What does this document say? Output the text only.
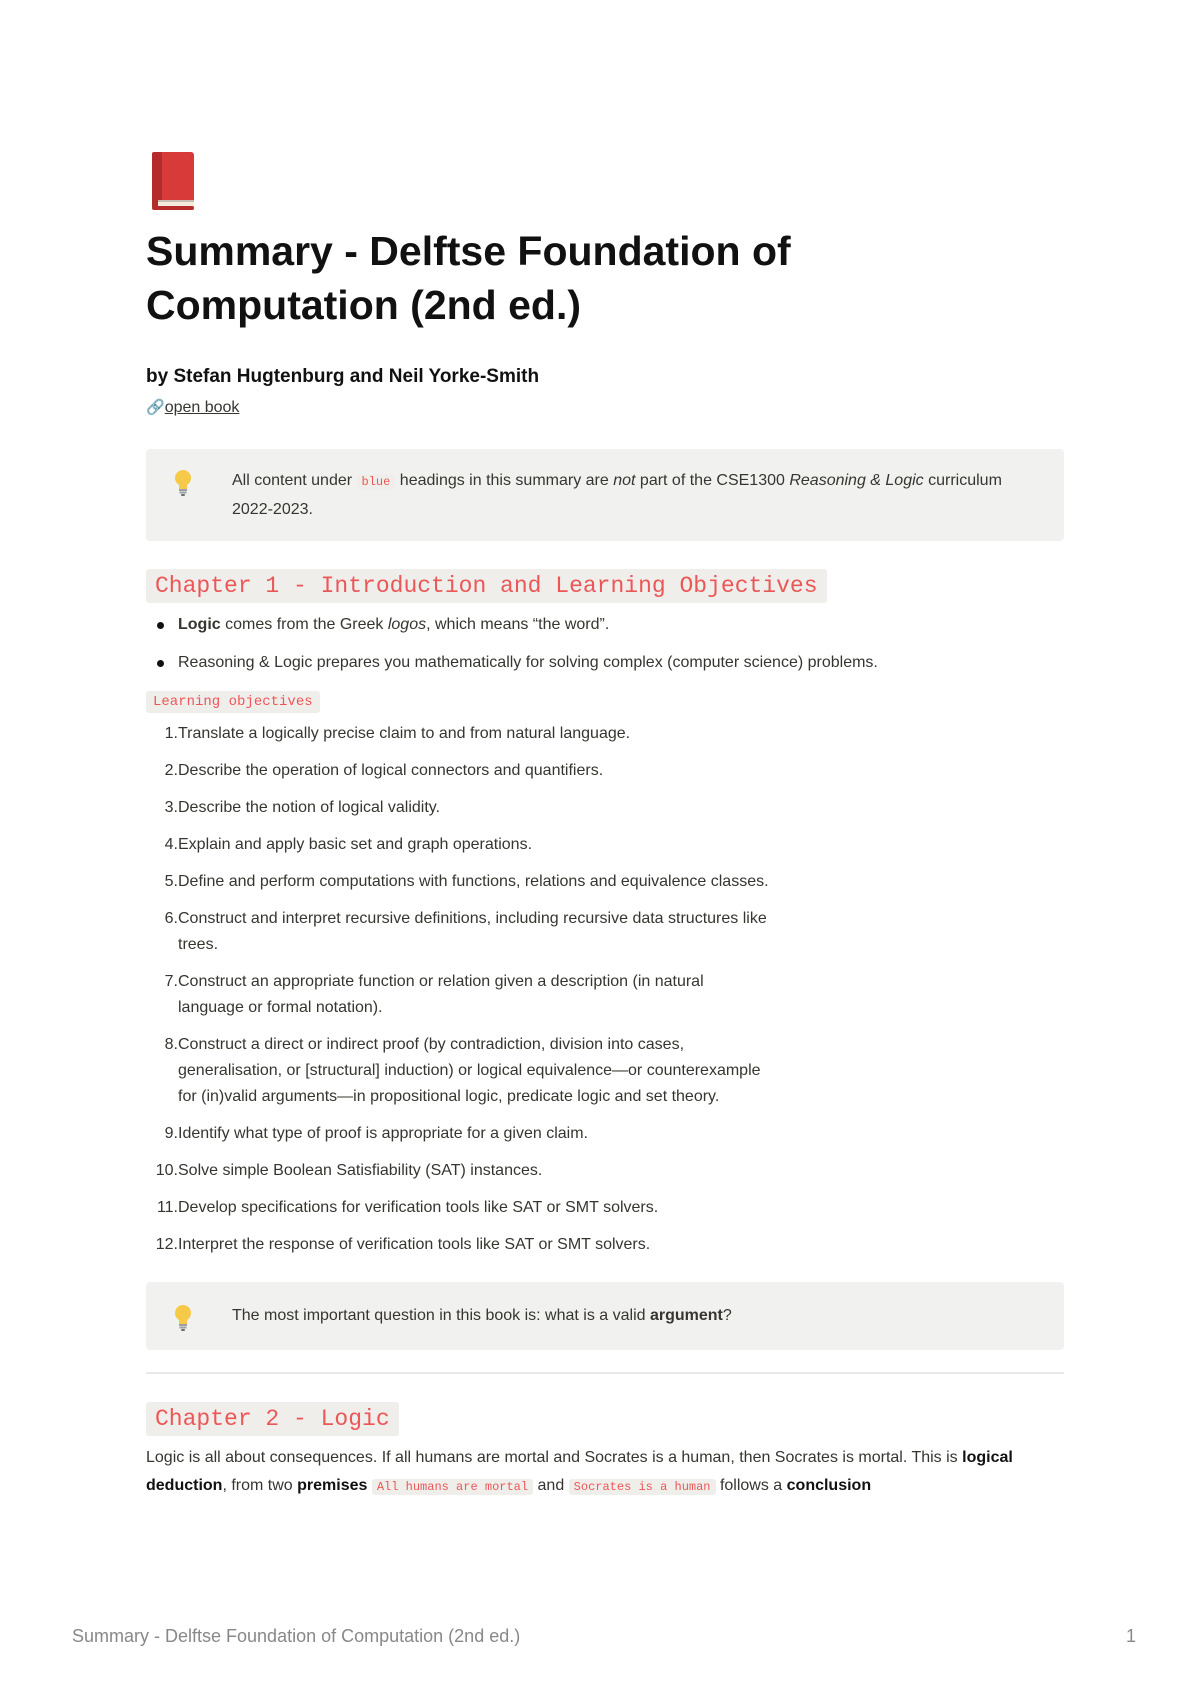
Summary - Delftse Foundation of
Computation (2nd ed.)
by Stefan Hugtenburg and Neil Yorke-Smith
🔗open book
All content under blue headings in this summary are not part of the CSE1300 Reasoning & Logic curriculum 2022-2023.
Chapter 1 - Introduction and Learning Objectives
Logic comes from the Greek logos, which means “the word”.
Reasoning & Logic prepares you mathematically for solving complex (computer science) problems.
Learning objectives
1. Translate a logically precise claim to and from natural language.
2. Describe the operation of logical connectors and quantifiers.
3. Describe the notion of logical validity.
4. Explain and apply basic set and graph operations.
5. Define and perform computations with functions, relations and equivalence classes.
6. Construct and interpret recursive definitions, including recursive data structures like trees.
7. Construct an appropriate function or relation given a description (in natural language or formal notation).
8. Construct a direct or indirect proof (by contradiction, division into cases, generalisation, or [structural] induction) or logical equivalence—or counterexample for (in)valid arguments—in propositional logic, predicate logic and set theory.
9. Identify what type of proof is appropriate for a given claim.
10. Solve simple Boolean Satisfiability (SAT) instances.
11. Develop specifications for verification tools like SAT or SMT solvers.
12. Interpret the response of verification tools like SAT or SMT solvers.
The most important question in this book is: what is a valid argument?
Chapter 2 - Logic
Logic is all about consequences. If all humans are mortal and Socrates is a human, then Socrates is mortal. This is logical deduction, from two premises All humans are mortal and Socrates is a human follows a conclusion
Summary - Delftse Foundation of Computation (2nd ed.)	1
